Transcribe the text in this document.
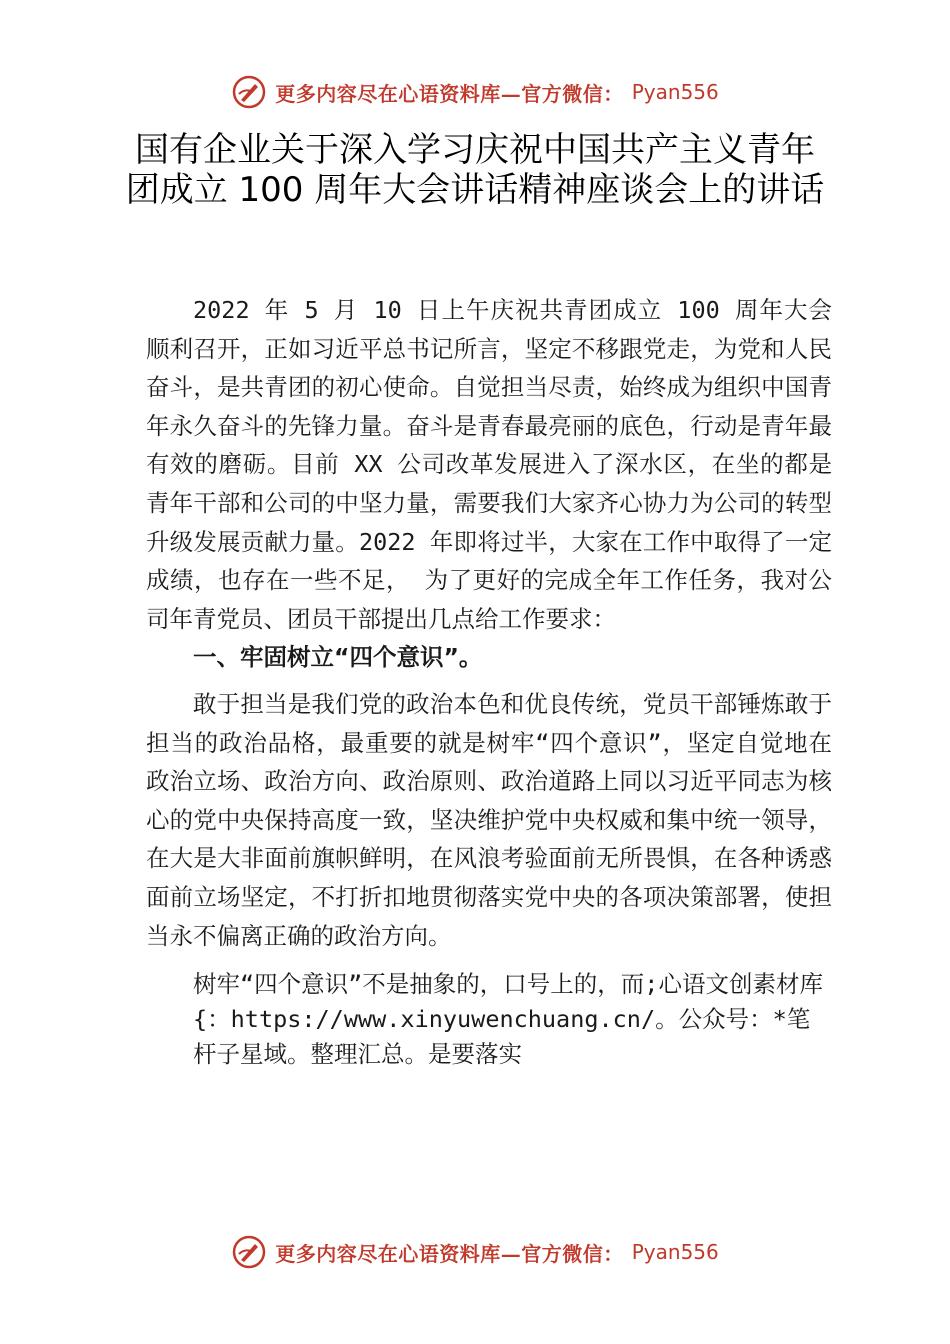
更多内容尽在心语资料库—官方微信： Pyan556
国有企业关于深入学习庆祝中国共产主义青年团成立 100 周年大会讲话精神座谈会上的讲话

2022 年 5 月 10 日上午庆祝共青团成立 100 周年大会顺利召开，正如习近平总书记所言，坚定不移跟党走，为党和人民奋斗，是共青团的初心使命。自觉担当尽责，始终成为组织中国青年永久奋斗的先锋力量。奋斗是青春最亮丽的底色，行动是青年最有效的磨砺。目前 XX 公司改革发展进入了深水区，在坐的都是青年干部和公司的中坚力量，需要我们大家齐心协力为公司的转型升级发展贡献力量。2022 年即将过半，大家在工作中取得了一定成绩，也存在一些不足， 为了更好的完成全年工作任务，我对公司年青党员、团员干部提出几点给工作要求：

一、牢固树立“四个意识”。

敢于担当是我们党的政治本色和优良传统，党员干部锤炼敢于担当的政治品格，最重要的就是树牢“四个意识”，坚定自觉地在政治立场、政治方向、政治原则、政治道路上同以习近平同志为核心的党中央保持高度一致，坚决维护党中央权威和集中统一领导，在大是大非面前旗帜鲜明，在风浪考验面前无所畏惧，在各种诱惑面前立场坚定，不打折扣地贯彻落实党中央的各项决策部署，使担当永不偏离正确的政治方向。

树牢“四个意识”不是抽象的，口号上的，而;心语文创素材库{：https://www.xinyuwenchuang.cn/。公众号：*笔杆子星域。整理汇总。是要落实

更多内容尽在心语资料库—官方微信： Pyan556
